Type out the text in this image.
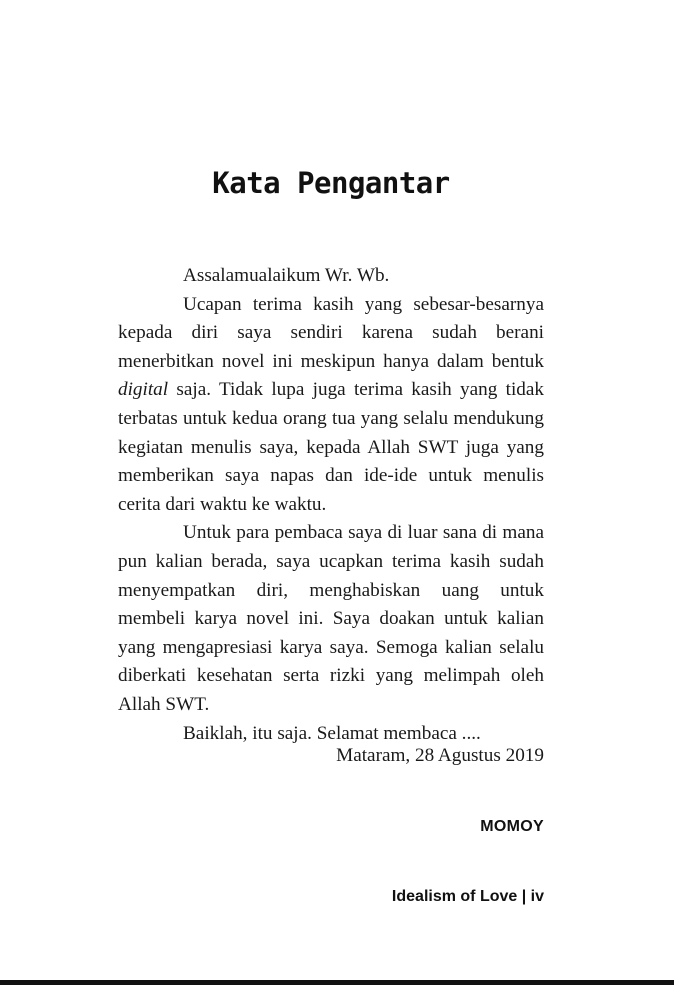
Kata Pengantar

Assalamualaikum Wr. Wb.

Ucapan terima kasih yang sebesar-besarnya kepada diri saya sendiri karena sudah berani menerbitkan novel ini meskipun hanya dalam bentuk digital saja. Tidak lupa juga terima kasih yang tidak terbatas untuk kedua orang tua yang selalu mendukung kegiatan menulis saya, kepada Allah SWT juga yang memberikan saya napas dan ide-ide untuk menulis cerita dari waktu ke waktu.

Untuk para pembaca saya di luar sana di mana pun kalian berada, saya ucapkan terima kasih sudah menyempatkan diri, menghabiskan uang untuk membeli karya novel ini. Saya doakan untuk kalian yang mengapresiasi karya saya. Semoga kalian selalu diberkati kesehatan serta rizki yang melimpah oleh Allah SWT.

Baiklah, itu saja. Selamat membaca ....

Mataram, 28 Agustus 2019
MOMOY
Idealism of Love | iv
